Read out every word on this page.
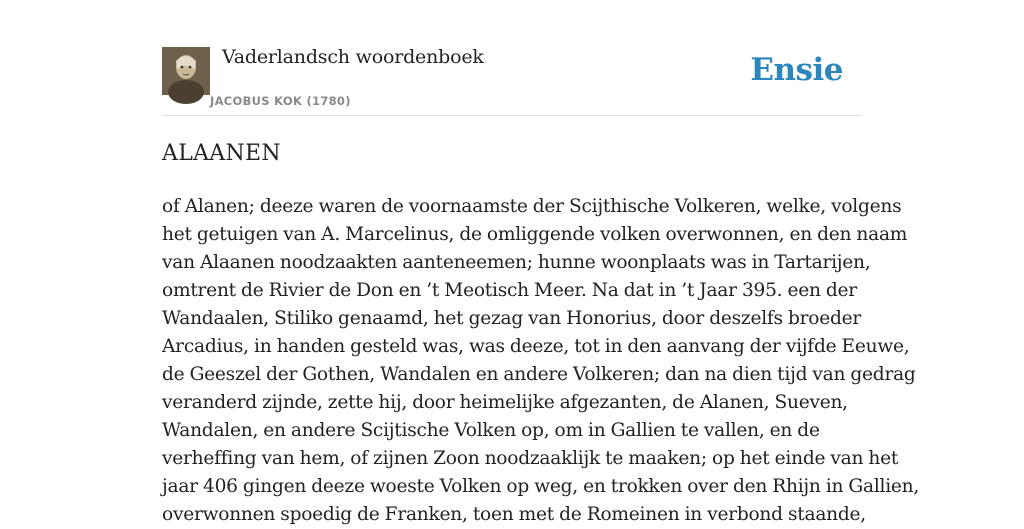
Vaderlandsch woordenboek
JACOBUS KOK (1780)
Ensie
ALAANEN
of Alanen; deeze waren de voornaamste der Scijthische Volkeren, welke, volgens
het getuigen van A. Marcelinus, de omliggende volken overwonnen, en den naam
van Alaanen noodzaakten aanteneemen; hunne woonplaats was in Tartarijen,
omtrent de Rivier de Don en ’t Meotisch Meer. Na dat in ’t Jaar 395. een der
Wandaalen, Stiliko genaamd, het gezag van Honorius, door deszelfs broeder
Arcadius, in handen gesteld was, was deeze, tot in den aanvang der vijfde Eeuwe,
de Geeszel der Gothen, Wandalen en andere Volkeren; dan na dien tijd van gedrag
veranderd zijnde, zette hij, door heimelijke afgezanten, de Alanen, Sueven,
Wandalen, en andere Scijtische Volken op, om in Gallien te vallen, en de
verheffing van hem, of zijnen Zoon noodzaaklijk te maaken; op het einde van het
jaar 406 gingen deeze woeste Volken op weg, en trokken over den Rhijn in Gallien,
overwonnen spoedig de Franken, toen met de Romeinen in verbond staande,
